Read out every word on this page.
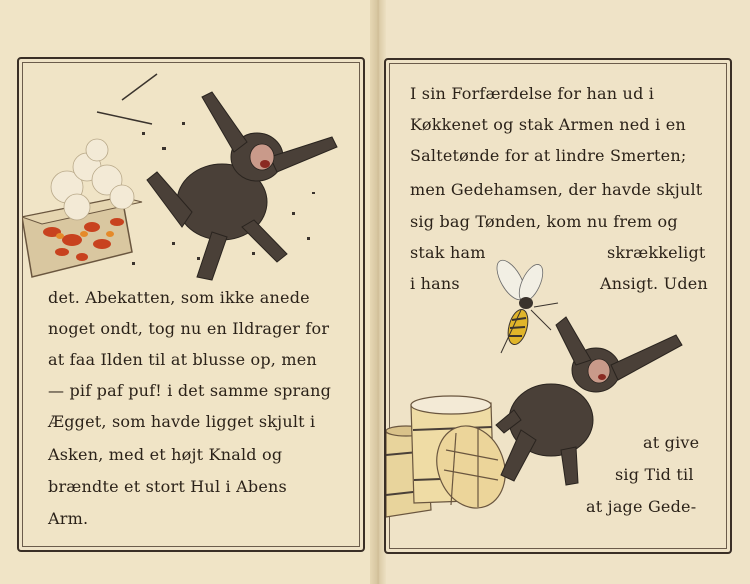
det. Abekatten, som ikke anede
noget ondt, tog nu en Ildrager for
at faa Ilden til at blusse op, men
— pif paf puf! i det samme sprang
Ægget, som havde ligget skjult i
Asken, med et højt Knald og
brændte et stort Hul i Abens
Arm.
I sin Forfærdelse for han ud i
Køkkenet og stak Armen ned i en
Saltetønde for at lindre Smerten;
men Gedehamsen, der havde skjult
sig bag Tønden, kom nu frem og
stak ham	skrækkeligt
i hans	Ansigt. Uden
at give
sig Tid til
at jage Gede-
